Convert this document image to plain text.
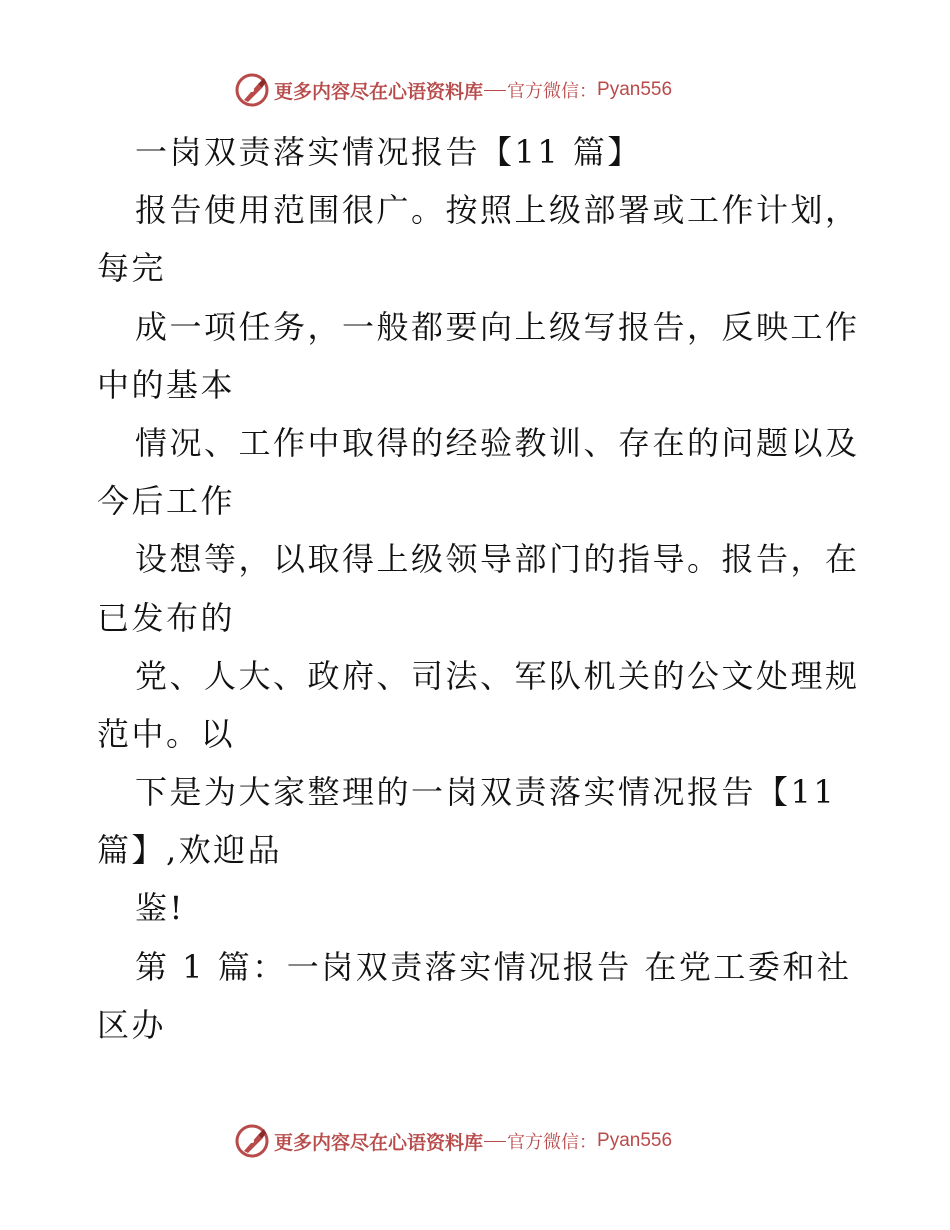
更多内容尽在心语资料库 官方微信： Pyan556
一岗双责落实情况报告【11 篇】
报告使用范围很广。按照上级部署或工作计划，
每完
成一项任务，一般都要向上级写报告，反映工作
中的基本
情况、工作中取得的经验教训、存在的问题以及
今后工作
设想等，以取得上级领导部门的指导。报告，在
已发布的
党、人大、政府、司法、军队机关的公文处理规
范中。以
下是为大家整理的一岗双责落实情况报告【11
篇】,欢迎品
鉴!
第 1 篇：一岗双责落实情况报告 在党工委和社
区办
更多内容尽在心语资料库 官方微信： Pyan556
